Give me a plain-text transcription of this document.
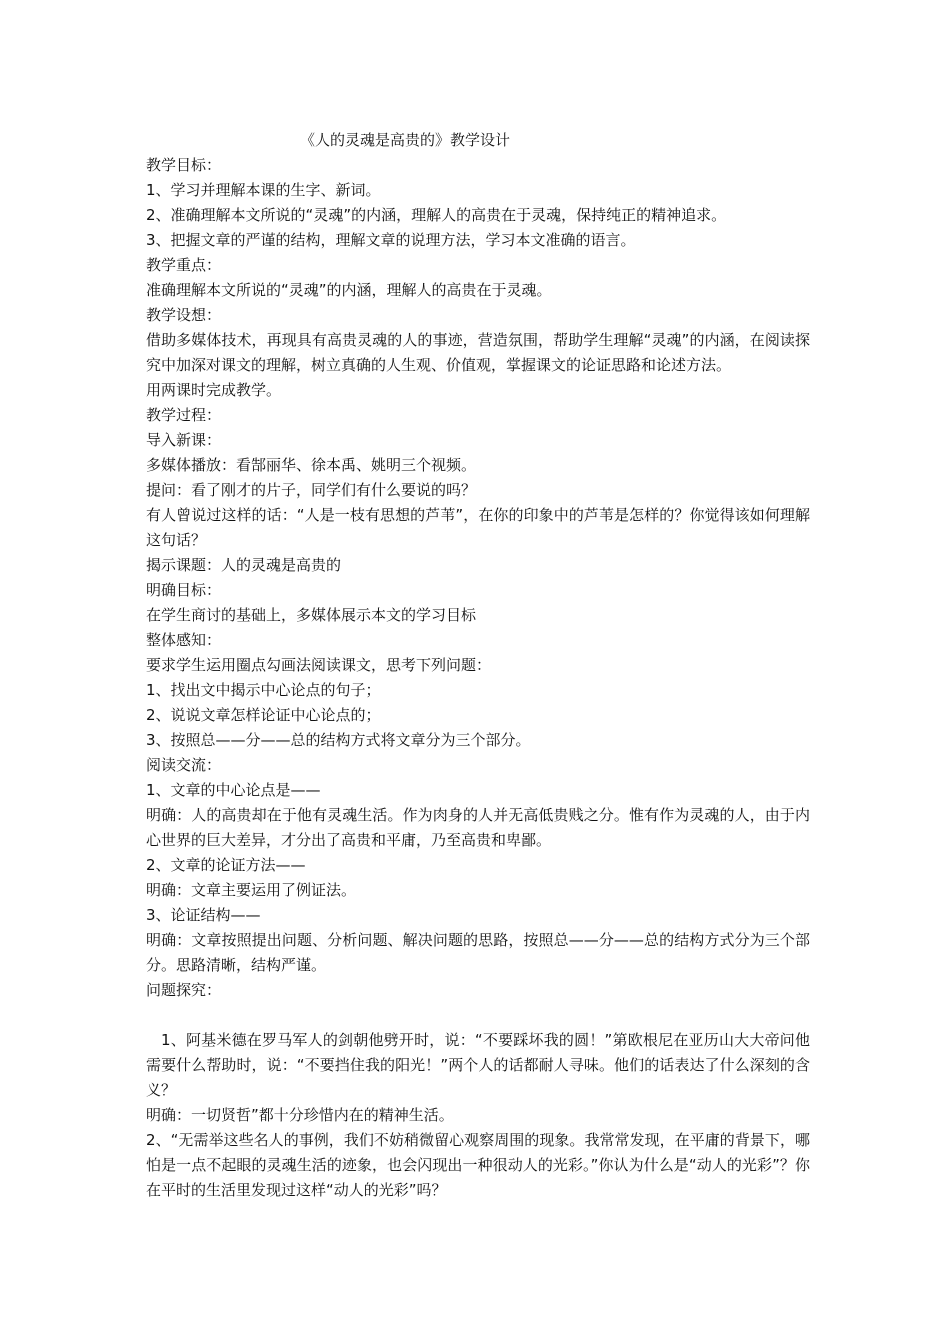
《人的灵魂是高贵的》教学设计

教学目标：

1、学习并理解本课的生字、新词。

2、准确理解本文所说的“灵魂”的内涵，理解人的高贵在于灵魂，保持纯正的精神追求。

3、把握文章的严谨的结构，理解文章的说理方法，学习本文准确的语言。

教学重点：

准确理解本文所说的“灵魂”的内涵，理解人的高贵在于灵魂。

教学设想：

借助多媒体技术，再现具有高贵灵魂的人的事迹，营造氛围，帮助学生理解“灵魂”的内涵，在阅读探究中加深对课文的理解，树立真确的人生观、价值观，掌握课文的论证思路和论述方法。

用两课时完成教学。

教学过程：

导入新课：

多媒体播放：看郜丽华、徐本禹、姚明三个视频。

提问：看了刚才的片子，同学们有什么要说的吗？

有人曾说过这样的话：“人是一枝有思想的芦苇”，在你的印象中的芦苇是怎样的？你觉得该如何理解这句话？

揭示课题：人的灵魂是高贵的

明确目标：

在学生商讨的基础上，多媒体展示本文的学习目标

整体感知：

要求学生运用圈点勾画法阅读课文，思考下列问题：

1、找出文中揭示中心论点的句子；

2、说说文章怎样论证中心论点的；

3、按照总——分——总的结构方式将文章分为三个部分。

阅读交流：

1、文章的中心论点是——

明确：人的高贵却在于他有灵魂生活。作为肉身的人并无高低贵贱之分。惟有作为灵魂的人，由于内心世界的巨大差异，才分出了高贵和平庸，乃至高贵和卑鄙。

2、文章的论证方法——

明确：文章主要运用了例证法。

3、论证结构——

明确：文章按照提出问题、分析问题、解决问题的思路，按照总——分——总的结构方式分为三个部分。思路清晰，结构严谨。

问题探究：

1、阿基米德在罗马军人的剑朝他劈开时，说：“不要踩坏我的圆！”第欧根尼在亚历山大大帝问他需要什么帮助时，说：“不要挡住我的阳光！”两个人的话都耐人寻味。他们的话表达了什么深刻的含义？

明确：一切贤哲”都十分珍惜内在的精神生活。

2、“无需举这些名人的事例，我们不妨稍微留心观察周围的现象。我常常发现，在平庸的背景下，哪怕是一点不起眼的灵魂生活的迹象，也会闪现出一种很动人的光彩。”你认为什么是“动人的光彩”？你在平时的生活里发现过这样“动人的光彩”吗？
